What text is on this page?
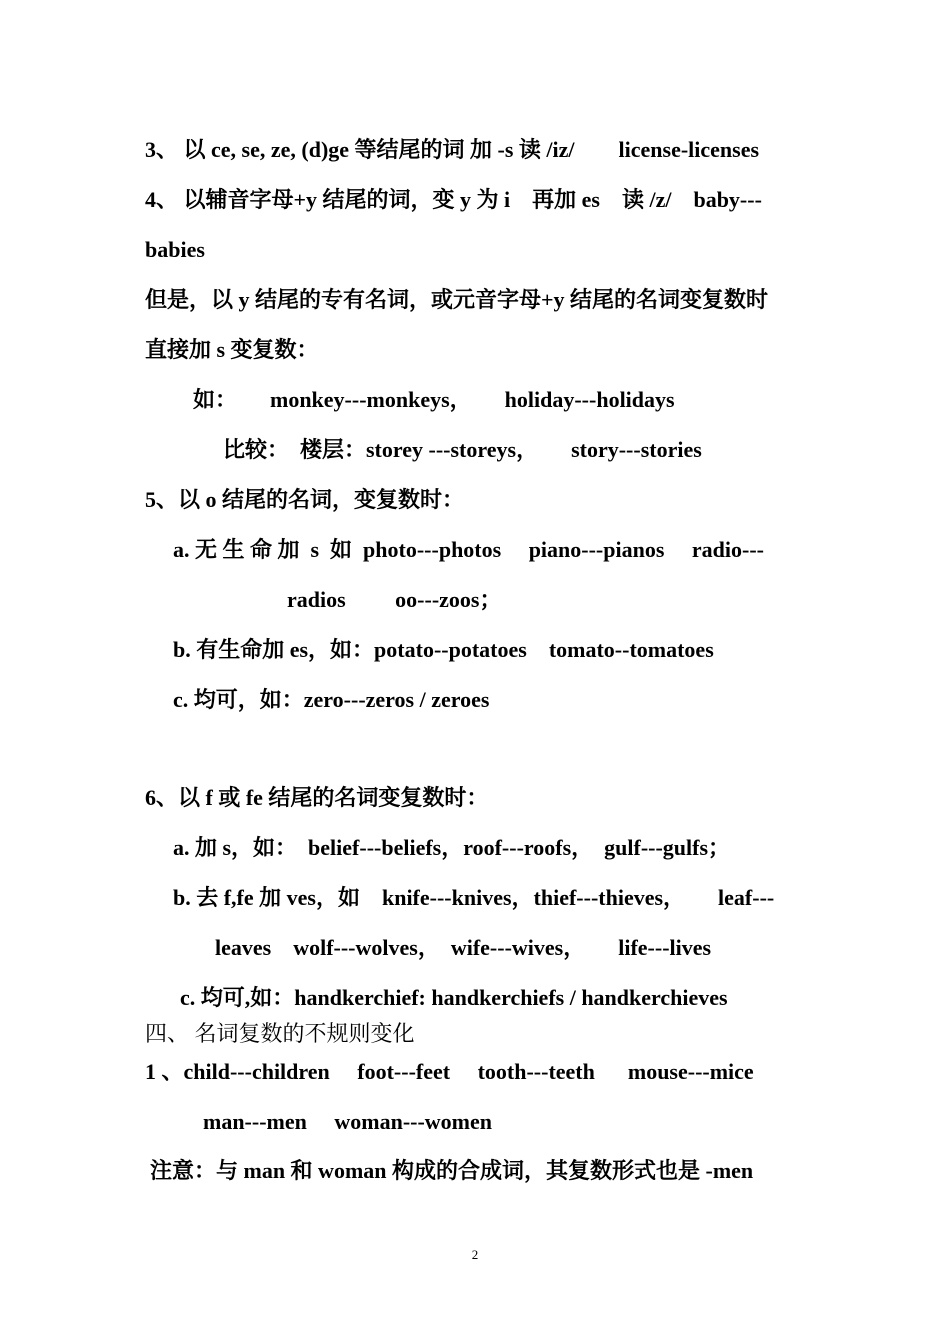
3、 以 ce, se, ze, (d)ge 等结尾的词 加 -s 读 /iz/        license-licenses
4、 以辅音字母+y 结尾的词，变 y 为 i    再加 es    读 /z/    baby---
babies
但是，以 y 结尾的专有名词，或元音字母+y 结尾的名词变复数时
直接加 s 变复数：
如：      monkey---monkeys，      holiday---holidays
比较：  楼层：storey ---storeys，      story---stories
5、以 o 结尾的名词，变复数时：
a. 无 生 命 加  s  如  photo---photos     piano---pianos     radio---
radios         oo---zoos；
b. 有生命加 es，如：potato--potatoes    tomato--tomatoes
c. 均可，如：zero---zeros / zeroes
6、以 f 或 fe 结尾的名词变复数时：
a. 加 s，如：  belief---beliefs，roof---roofs，  gulf---gulfs；
b. 去 f,fe 加 ves，如    knife---knives，thief---thieves，      leaf---
leaves    wolf---wolves，  wife---wives，      life---lives
c. 均可,如：handkerchief: handkerchiefs / handkerchieves
四、 名词复数的不规则变化
1 、child---children     foot---feet     tooth---teeth      mouse---mice
man---men     woman---women
注意：与 man 和 woman 构成的合成词，其复数形式也是 -men
2
